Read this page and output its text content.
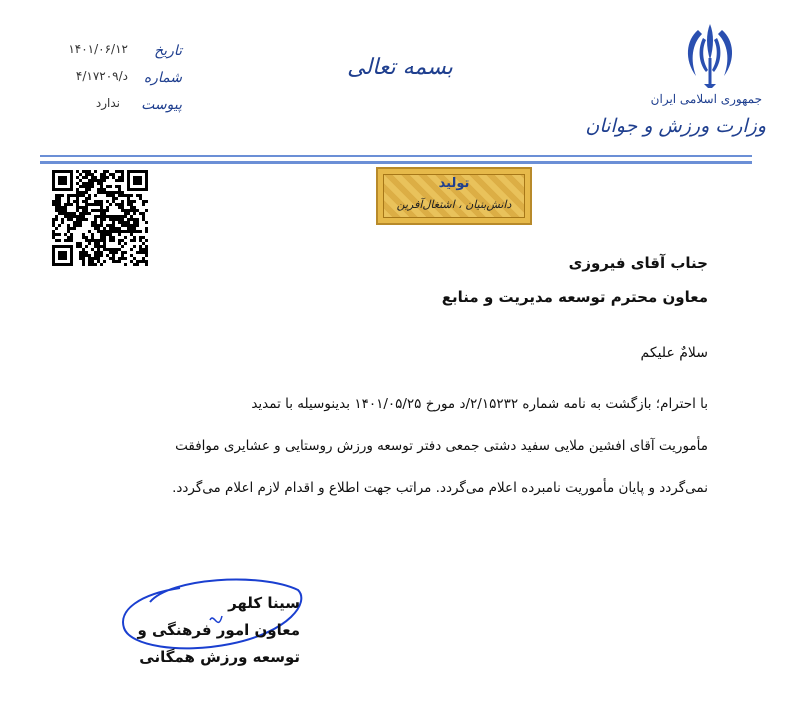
جمهوری اسلامی ایران
وزارت ورزش و جوانان
بسمه تعالی
تاریخ
شماره
پیوست
۱۴۰۱/۰۶/۱۲
د/۴/۱۷۲۰۹
ندارد
تولید
دانش‌بنیان ، اشتغال‌آفرین
جناب آقای فیروزی
معاون محترم توسعه مدیریت و منابع
سلامٌ علیکم
با احترام؛ بازگشت به نامه شماره ۲/۱۵۲۳۲/د مورخ ۱۴۰۱/۰۵/۲۵ بدینوسیله با تمدید
مأموریت آقای افشین ملایی سفید دشتی جمعی دفتر توسعه ورزش روستایی و عشایری موافقت
نمی‌گردد و پایان مأموریت نامبرده اعلام می‌گردد. مراتب جهت اطلاع و اقدام لازم اعلام می‌گردد.
سینا کلهر
معاون امور فرهنگی و
توسعه ورزش همگانی
